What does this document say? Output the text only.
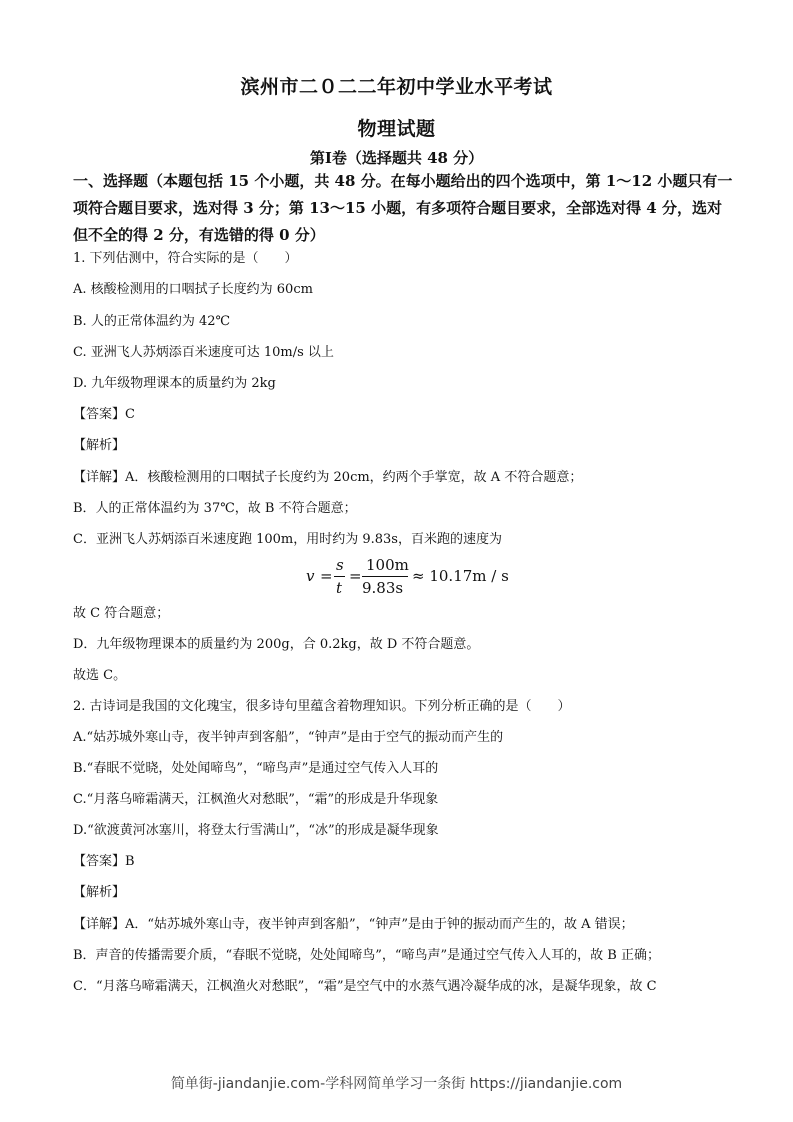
滨州市二０二二年初中学业水平考试
物理试题
第Ⅰ卷（选择题共 48 分）
一、选择题（本题包括 15 个小题，共 48 分。在每小题给出的四个选项中，第 1～12 小题只有一项符合题目要求，选对得 3 分；第 13～15 小题，有多项符合题目要求，全部选对得 4 分，选对但不全的得 2 分，有选错的得 0 分）
1. 下列估测中，符合实际的是（　　）
A. 核酸检测用的口咽拭子长度约为 60cm
B. 人的正常体温约为 42℃
C. 亚洲飞人苏炳添百米速度可达 10m/s 以上
D. 九年级物理课本的质量约为 2kg
【答案】C
【解析】
【详解】A．核酸检测用的口咽拭子长度约为 20cm，约两个手掌宽，故 A 不符合题意；
B．人的正常体温约为 37℃，故 B 不符合题意；
C．亚洲飞人苏炳添百米速度跑 100m，用时约为 9.83s，百米跑的速度为
v =
s
t
=
100m
9.83s
≈ 10.17m / s
故 C 符合题意；
D．九年级物理课本的质量约为 200g，合 0.2kg，故 D 不符合题意。
故选 C。
2. 古诗词是我国的文化瑰宝，很多诗句里蕴含着物理知识。下列分析正确的是（　　）
A.“姑苏城外寒山寺，夜半钟声到客船”，“钟声”是由于空气的振动而产生的
B.“春眠不觉晓，处处闻啼鸟”，“啼鸟声”是通过空气传入人耳的
C.“月落乌啼霜满天，江枫渔火对愁眠”，“霜”的形成是升华现象
D.“欲渡黄河冰塞川，将登太行雪满山”，“冰”的形成是凝华现象
【答案】B
【解析】
【详解】A．“姑苏城外寒山寺，夜半钟声到客船”，“钟声”是由于钟的振动而产生的，故 A 错误；
B．声音的传播需要介质，“春眠不觉晓，处处闻啼鸟”，“啼鸟声”是通过空气传入人耳的，故 B 正确；
C．“月落乌啼霜满天，江枫渔火对愁眠”，“霜”是空气中的水蒸气遇冷凝华成的冰，是凝华现象，故 C
简单街-jiandanjie.com-学科网简单学习一条街 https://jiandanjie.com
